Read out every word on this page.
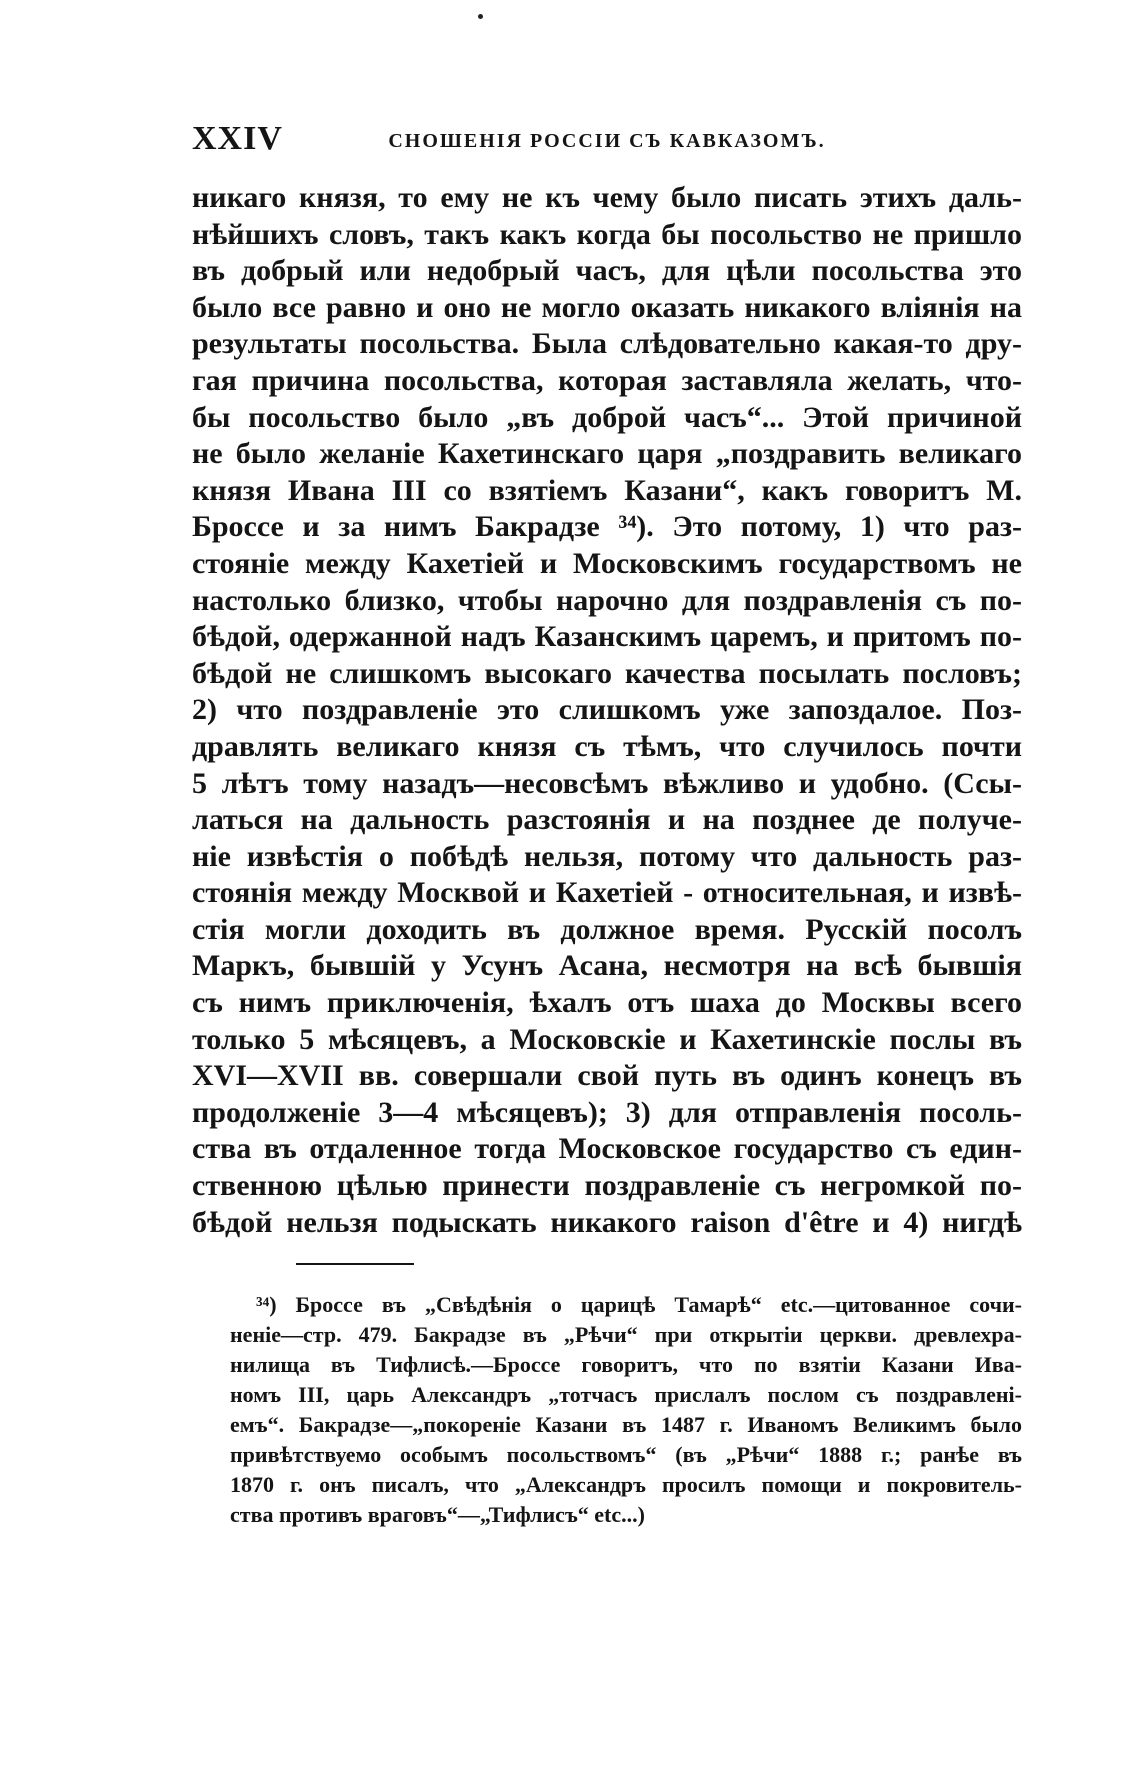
XXIV	СНОШЕНІЯ РОССІИ СЪ КАВКАЗОМЪ.
никаго князя, то ему не къ чему было писать этихъ даль-
нѣйшихъ словъ, такъ какъ когда бы посольство не пришло
въ добрый или недобрый часъ, для цѣли посольства это
было все равно и оно не могло оказать никакого вліянія на
результаты посольства. Была слѣдовательно какая-то дру-
гая причина посольства, которая заставляла желать, что-
бы посольство было „въ доброй часъ“... Этой причиной
не было желаніе Кахетинскаго царя „поздравить великаго
князя Ивана III со взятіемъ Казани“, какъ говоритъ М.
Броссе и за нимъ Бакрадзе ³⁴). Это потому, 1) что раз-
стояніе между Кахетіей и Московскимъ государствомъ не
настолько близко, чтобы нарочно для поздравленія съ по-
бѣдой, одержанной надъ Казанскимъ царемъ, и притомъ по-
бѣдой не слишкомъ высокаго качества посылать пословъ;
2) что поздравленіе это слишкомъ уже запоздалое. Поз-
дравлять великаго князя съ тѣмъ, что случилось почти
5 лѣтъ тому назадъ—несовсѣмъ вѣжливо и удобно. (Ссы-
латься на дальность разстоянія и на позднее де получе-
ніе извѣстія о побѣдѣ нельзя, потому что дальность раз-
стоянія между Москвой и Кахетіей - относительная, и извѣ-
стія могли доходить въ должное время. Русскій посолъ
Маркъ, бывшій у Усунъ Асана, несмотря на всѣ бывшія
съ нимъ приключенія, ѣхалъ отъ шаха до Москвы всего
только 5 мѣсяцевъ, а Московскіе и Кахетинскіе послы въ
XVI—XVII вв. совершали свой путь въ одинъ конецъ въ
продолженіе 3—4 мѣсяцевъ); 3) для отправленія посоль-
ства въ отдаленное тогда Московское государство съ един-
ственною цѣлью принести поздравленіе съ негромкой по-
бѣдой нельзя подыскать никакого raison d'être и 4) нигдѣ
³⁴) Броссе въ „Свѣдѣнія о царицѣ Тамарѣ“ etc.—цитованное сочи-
неніе—стр. 479. Бакрадзе въ „Рѣчи“ при открытіи церкви. древлехра-
нилища въ Тифлисѣ.—Броссе говоритъ, что по взятіи Казани Ива-
номъ III, царь Александръ „тотчасъ прислалъ послом съ поздравленi-
емъ“. Бакрадзе—„покореніе Казани въ 1487 г. Иваномъ Великимъ было
привѣтствуемо особымъ посольствомъ“ (въ „Рѣчи“ 1888 г.; ранѣе въ
1870 г. онъ писалъ, что „Александръ просилъ помощи и покровитель-
ства противъ враговъ“—„Тифлисъ“ etc...)
